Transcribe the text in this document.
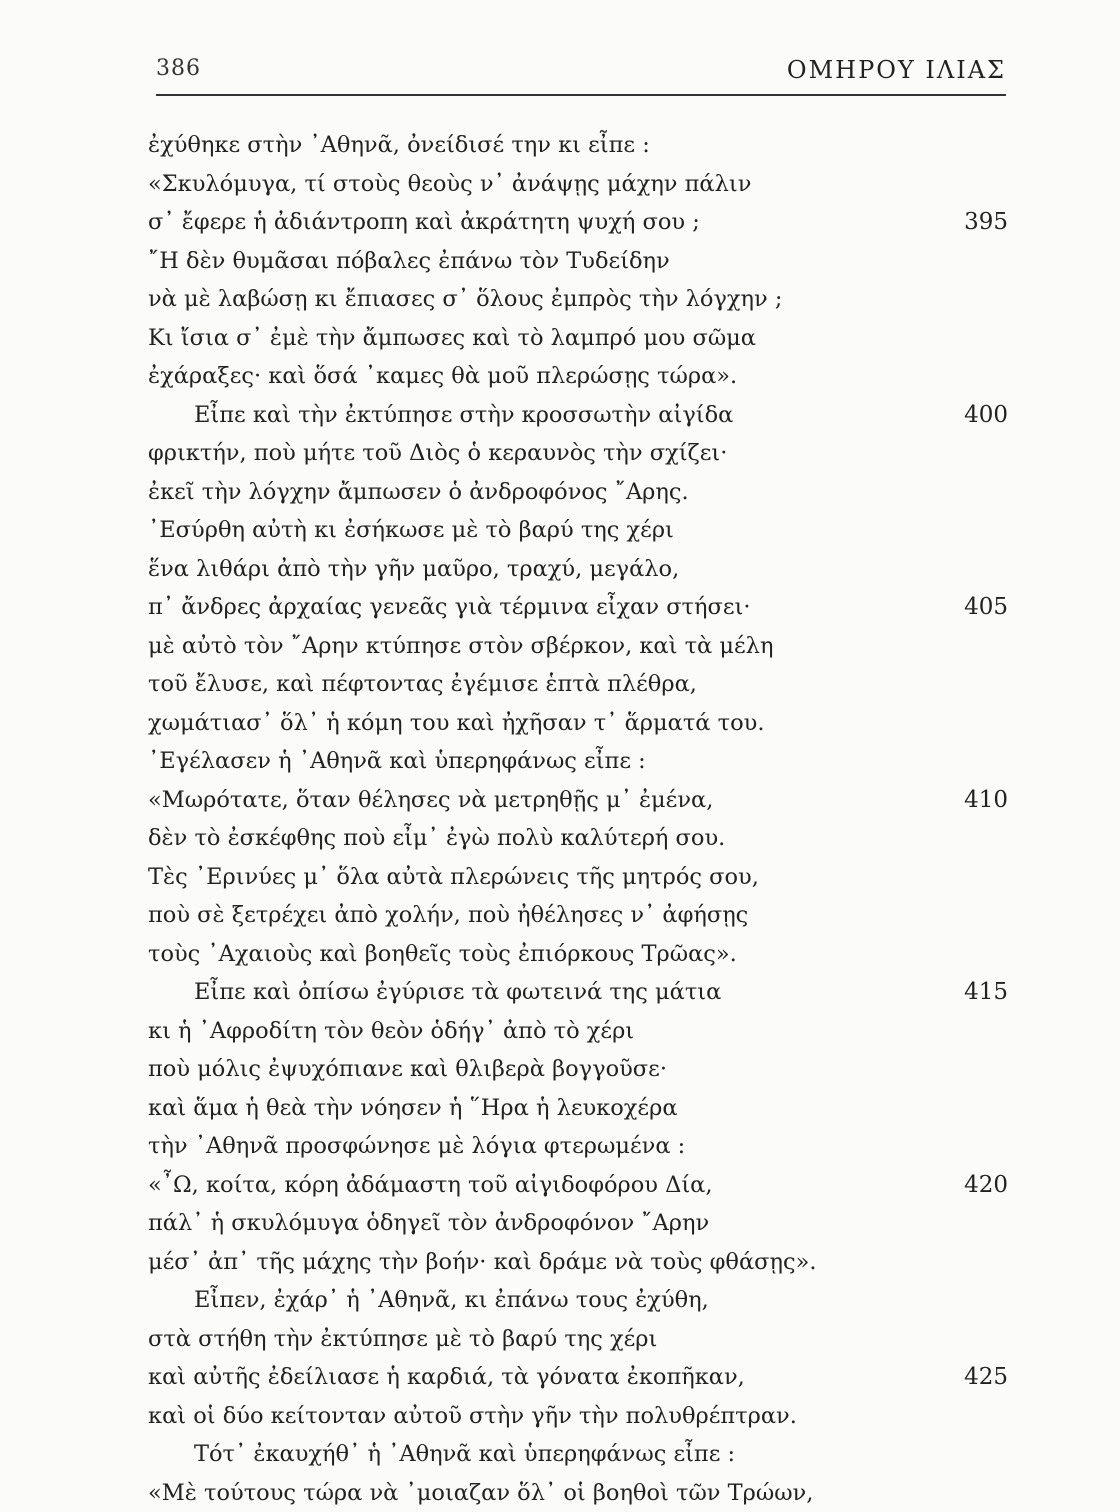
386	ΟΜΗΡΟΥ ΙΛΙΑΣ
ἐχύθηκε στὴν ᾿Αθηνᾶ, ὀνείδισέ την κι εἶπε :
«Σκυλόμυγα, τί στοὺς θεοὺς ν᾿ ἀνάψῃς μάχην πάλιν
σ᾿ ἔφερε ἡ ἀδιάντροπη καὶ ἀκράτητη ψυχή σου ;	395
῎Η δὲν θυμᾶσαι πόβαλες ἐπάνω τὸν Τυδείδην
νὰ μὲ λαβώσῃ κι ἔπιασες σ᾿ ὅλους ἐμπρὸς τὴν λόγχην ;
Κι ἴσια σ᾿ ἐμὲ τὴν ἄμπωσες καὶ τὸ λαμπρό μου σῶμα
ἐχάραξες· καὶ ὅσά ᾿καμες θὰ μοῦ πλερώσῃς τώρα».
Εἶπε καὶ τὴν ἐκτύπησε στὴν κροσσωτὴν αἰγίδα	400
φρικτήν, ποὺ μήτε τοῦ Διὸς ὁ κεραυνὸς τὴν σχίζει·
ἐκεῖ τὴν λόγχην ἄμπωσεν ὁ ἀνδροφόνος ῎Αρης.
᾿Εσύρθη αὐτὴ κι ἐσήκωσε μὲ τὸ βαρύ της χέρι
ἕνα λιθάρι ἀπὸ τὴν γῆν μαῦρο, τραχύ, μεγάλο,
π᾿ ἄνδρες ἀρχαίας γενεᾶς γιὰ τέρμινα εἶχαν στήσει·	405
μὲ αὐτὸ τὸν ῎Αρην κτύπησε στὸν σβέρκον, καὶ τὰ μέλη
τοῦ ἔλυσε, καὶ πέφτοντας ἐγέμισε ἑπτὰ πλέθρα,
χωμάτιασ᾿ ὅλ᾿ ἡ κόμη του καὶ ἠχῆσαν τ᾿ ἅρματά του.
᾿Εγέλασεν ἡ ᾿Αθηνᾶ καὶ ὑπερηφάνως εἶπε :
«Μωρότατε, ὅταν θέλησες νὰ μετρηθῇς μ᾿ ἐμένα,	410
δὲν τὸ ἐσκέφθης ποὺ εἶμ᾿ ἐγὼ πολὺ καλύτερή σου.
Τὲς ᾿Ερινύες μ᾿ ὅλα αὐτὰ πλερώνεις τῆς μητρός σου,
ποὺ σὲ ξετρέχει ἀπὸ χολήν, ποὺ ἠθέλησες ν᾿ ἀφήσῃς
τοὺς ᾿Αχαιοὺς καὶ βοηθεῖς τοὺς ἐπιόρκους Τρῶας».
Εἶπε καὶ ὀπίσω ἐγύρισε τὰ φωτεινά της μάτια	415
κι ἡ ᾿Αφροδίτη τὸν θεὸν ὁδήγ᾿ ἀπὸ τὸ χέρι
ποὺ μόλις ἐψυχόπιανε καὶ θλιβερὰ βογγοῦσε·
καὶ ἅμα ἡ θεὰ τὴν νόησεν ἡ ῞Ηρα ἡ λευκοχέρα
τὴν ᾿Αθηνᾶ προσφώνησε μὲ λόγια φτερωμένα :
«῏Ω, κοίτα, κόρη ἀδάμαστη τοῦ αἰγιδοφόρου Δία,	420
πάλ᾿ ἡ σκυλόμυγα ὁδηγεῖ τὸν ἀνδροφόνον ῎Αρην
μέσ᾿ ἀπ᾿ τῆς μάχης τὴν βοήν· καὶ δράμε νὰ τοὺς φθάσῃς».
Εἶπεν, ἐχάρ᾿ ἡ ᾿Αθηνᾶ, κι ἐπάνω τους ἐχύθη,
στὰ στήθη τὴν ἐκτύπησε μὲ τὸ βαρύ της χέρι
καὶ αὐτῆς ἐδείλιασε ἡ καρδιά, τὰ γόνατα ἐκοπῆκαν,	425
καὶ οἱ δύο κείτονταν αὐτοῦ στὴν γῆν τὴν πολυθρέπτραν.
Τότ᾿ ἐκαυχήθ᾿ ἡ ᾿Αθηνᾶ καὶ ὑπερηφάνως εἶπε :
«Μὲ τούτους τώρα νὰ ᾿μοιαζαν ὅλ᾿ οἱ βοηθοὶ τῶν Τρώων,
